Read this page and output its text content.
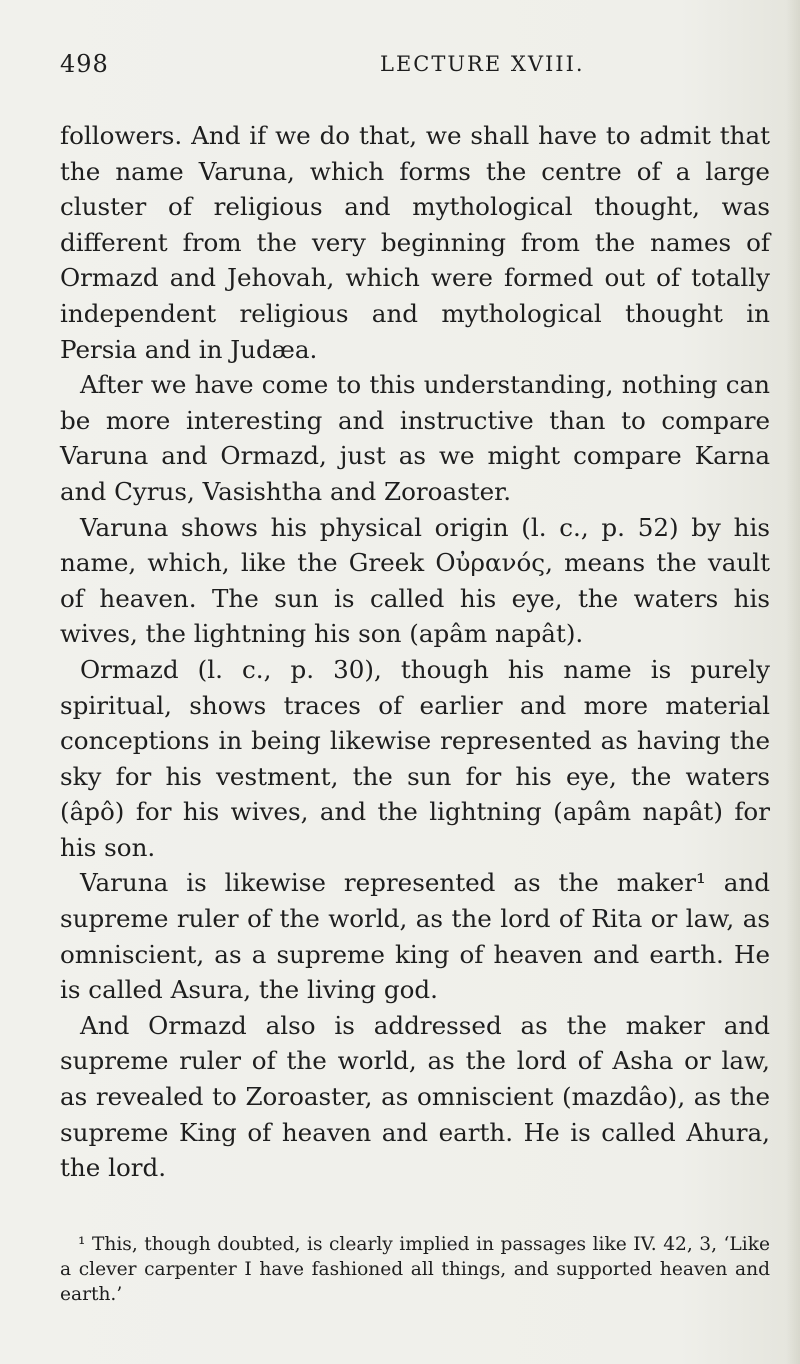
498	LECTURE XVIII.

followers. And if we do that, we shall have to admit that the name Varuna, which forms the centre of a large cluster of religious and mythological thought, was different from the very beginning from the names of Ormazd and Jehovah, which were formed out of totally independent religious and mythological thought in Persia and in Judæa.

After we have come to this understanding, nothing can be more interesting and instructive than to compare Varuna and Ormazd, just as we might compare Karna and Cyrus, Vasishtha and Zoroaster.

Varuna shows his physical origin (l. c., p. 52) by his name, which, like the Greek Οὐρανός, means the vault of heaven. The sun is called his eye, the waters his wives, the lightning his son (apâm napât).

Ormazd (l. c., p. 30), though his name is purely spiritual, shows traces of earlier and more material conceptions in being likewise represented as having the sky for his vestment, the sun for his eye, the waters (âpô) for his wives, and the lightning (apâm napât) for his son.

Varuna is likewise represented as the maker¹ and supreme ruler of the world, as the lord of Rita or law, as omniscient, as a supreme king of heaven and earth. He is called Asura, the living god.

And Ormazd also is addressed as the maker and supreme ruler of the world, as the lord of Asha or law, as revealed to Zoroaster, as omniscient (mazdâo), as the supreme King of heaven and earth. He is called Ahura, the lord.

¹ This, though doubted, is clearly implied in passages like IV. 42, 3, ‘Like a clever carpenter I have fashioned all things, and supported heaven and earth.’
